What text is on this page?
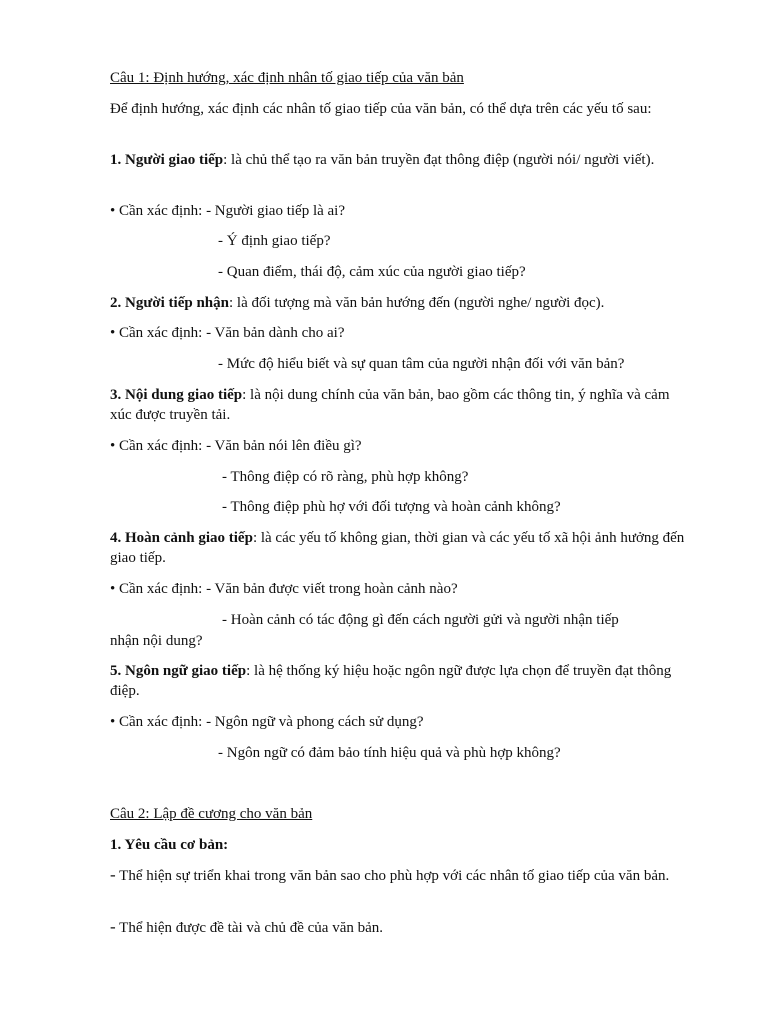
Câu 1: Định hướng, xác định nhân tố giao tiếp của văn bản

Để định hướng, xác định các nhân tố giao tiếp của văn bản, có thể dựa trên các yếu tố sau:

1. Người giao tiếp: là chủ thể tạo ra văn bản truyền đạt thông điệp (người nói/ người viết).

• Cần xác định: - Người giao tiếp là ai?

- Ý định giao tiếp?

- Quan điểm, thái độ, cảm xúc của người giao tiếp?

2. Người tiếp nhận: là đối tượng mà văn bản hướng đến (người nghe/ người đọc).

• Cần xác định: - Văn bản dành cho ai?

- Mức độ hiểu biết và sự quan tâm của người nhận đối với văn bản?

3. Nội dung giao tiếp: là nội dung chính của văn bản, bao gồm các thông tin, ý nghĩa và cảm xúc được truyền tải.

• Cần xác định: - Văn bản nói lên điều gì?

- Thông điệp có rõ ràng, phù hợp không?

- Thông điệp phù hợ với đối tượng và hoàn cảnh không?

4. Hoàn cảnh giao tiếp: là các yếu tố không gian, thời gian và các yếu tố xã hội ảnh hưởng đến giao tiếp.

• Cần xác định: - Văn bản được viết trong hoàn cảnh nào?

- Hoàn cảnh có tác động gì đến cách người gửi và người nhận tiếp

nhận nội dung?

5. Ngôn ngữ giao tiếp: là hệ thống ký hiệu hoặc ngôn ngữ được lựa chọn để truyền đạt thông điệp.

• Cần xác định: - Ngôn ngữ và phong cách sử dụng?

- Ngôn ngữ có đảm bảo tính hiệu quả và phù hợp không?

Câu 2: Lập đề cương cho văn bản

1. Yêu cầu cơ bản:

- Thể hiện sự triển khai trong văn bản sao cho phù hợp với các nhân tố giao tiếp của văn bản.

- Thể hiện được đề tài và chủ đề của văn bản.
